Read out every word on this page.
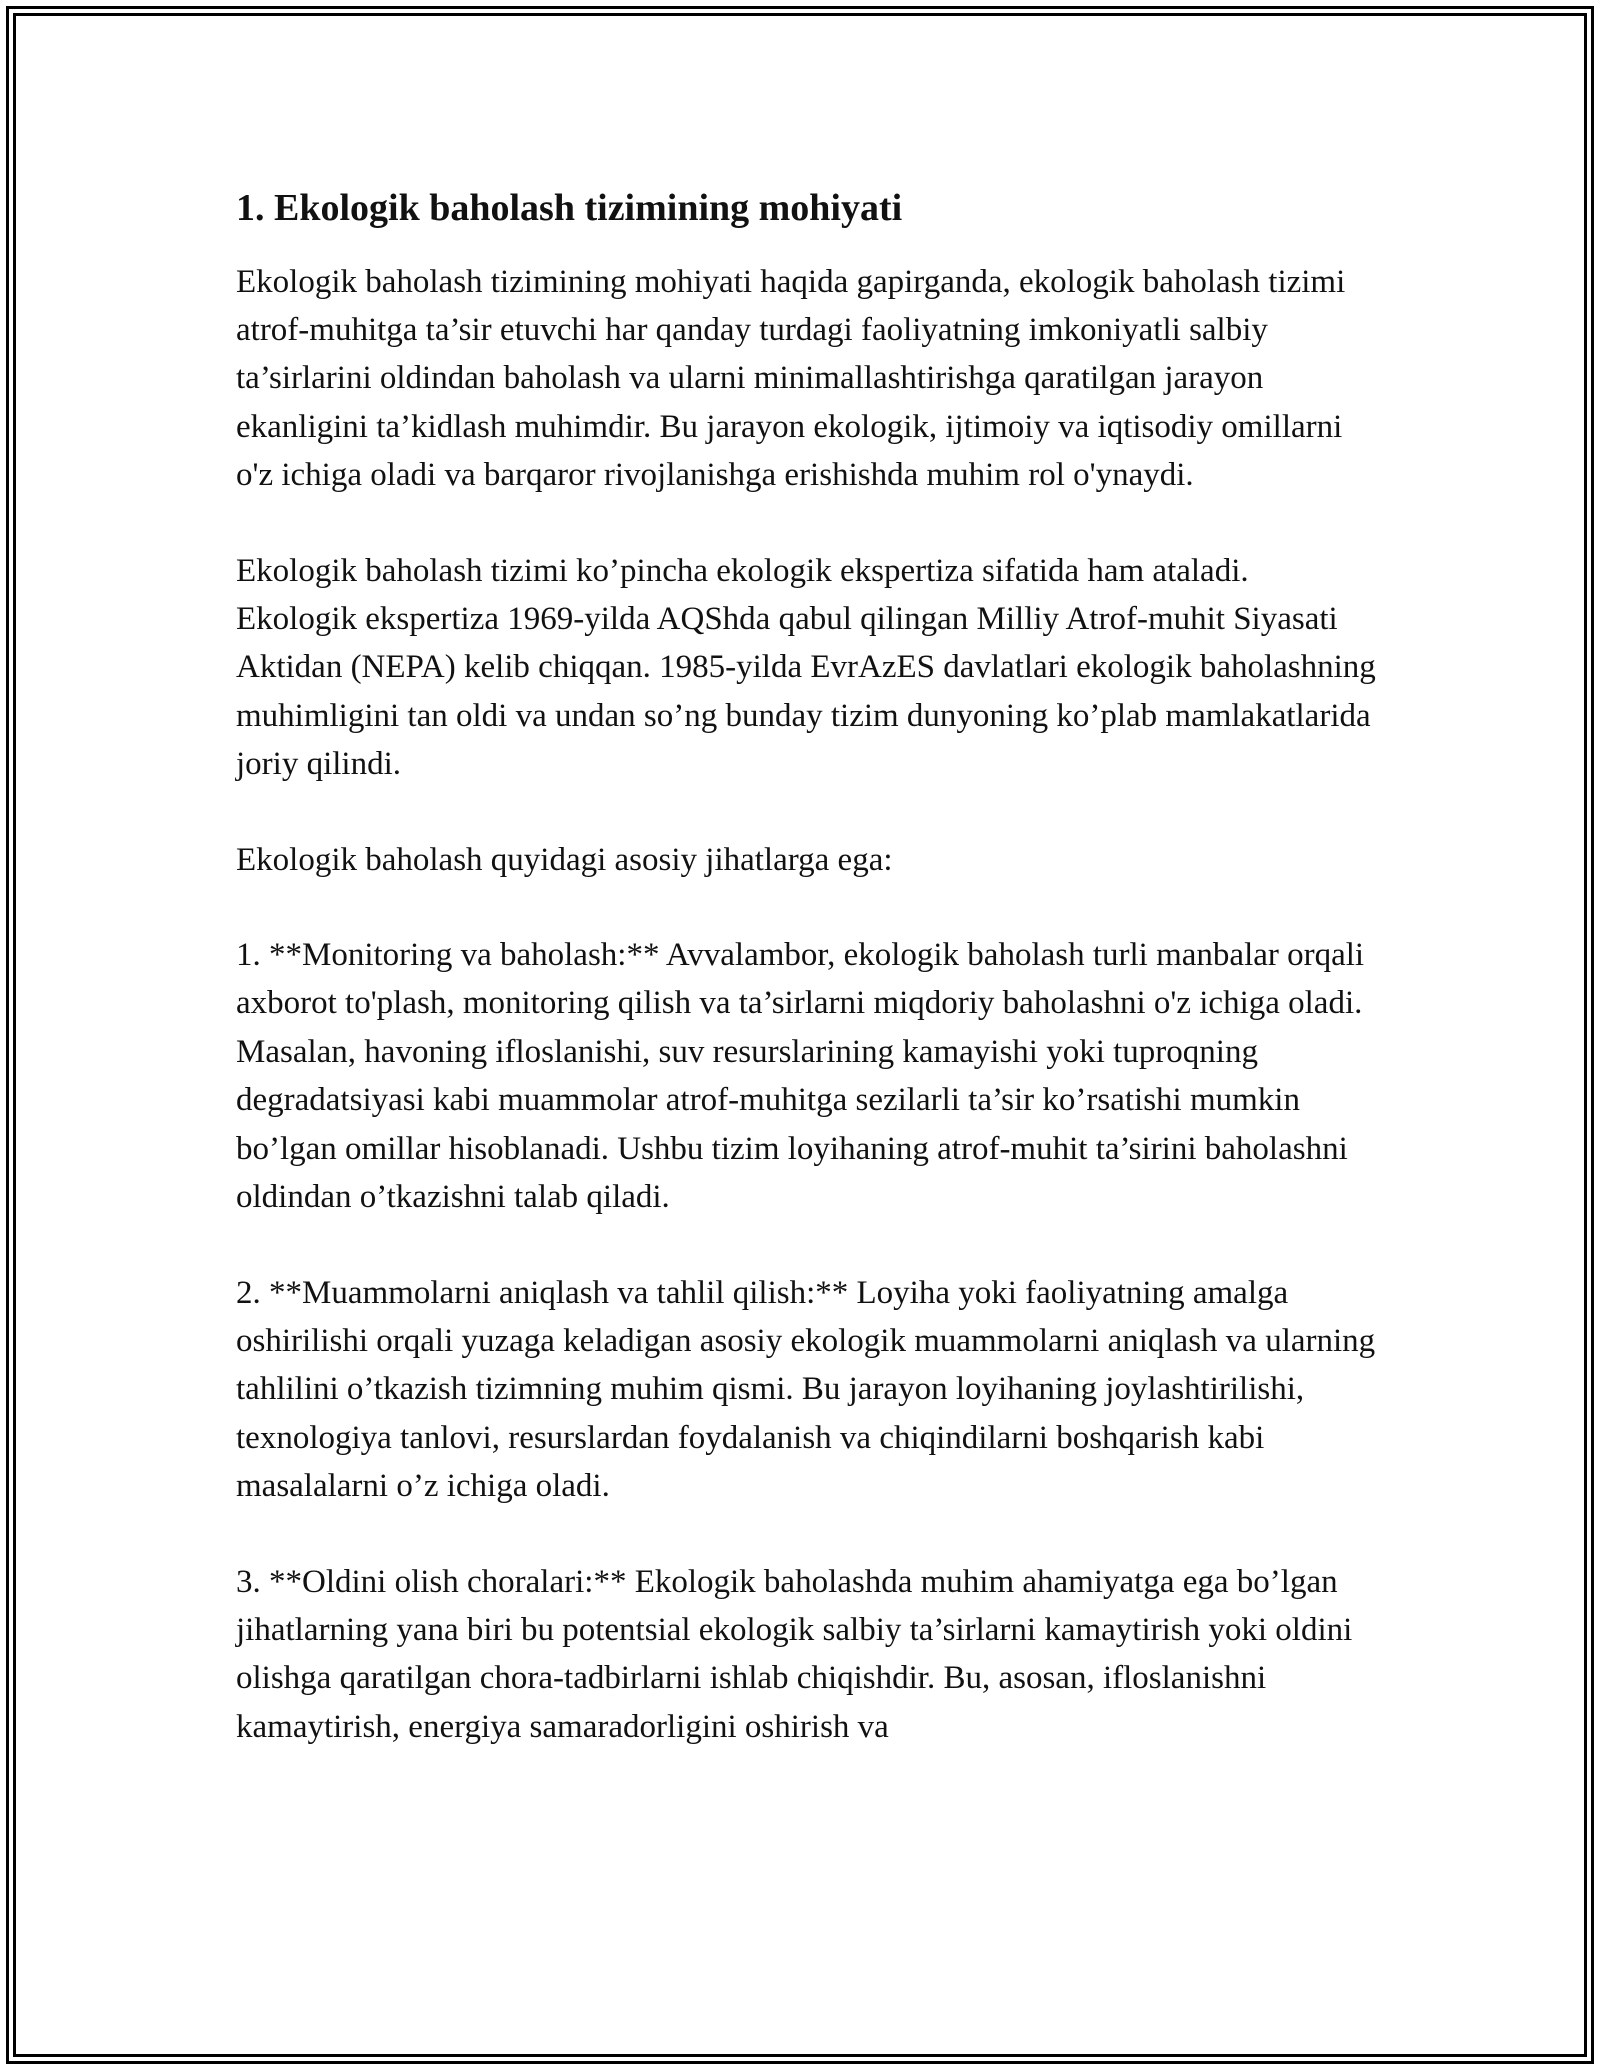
1. Ekologik baholash tizimining mohiyati

Ekologik baholash tizimining mohiyati haqida gapirganda, ekologik baholash tizimi atrof-muhitga ta’sir etuvchi har qanday turdagi faoliyatning imkoniyatli salbiy ta’sirlarini oldindan baholash va ularni minimallashtirishga qaratilgan jarayon ekanligini ta’kidlash muhimdir. Bu jarayon ekologik, ijtimoiy va iqtisodiy omillarni o'z ichiga oladi va barqaror rivojlanishga erishishda muhim rol o'ynaydi.

Ekologik baholash tizimi ko’pincha ekologik ekspertiza sifatida ham ataladi. Ekologik ekspertiza 1969-yilda AQShda qabul qilingan Milliy Atrof-muhit Siyasati Aktidan (NEPA) kelib chiqqan. 1985-yilda EvrAzES davlatlari ekologik baholashning muhimligini tan oldi va undan so’ng bunday tizim dunyoning ko’plab mamlakatlarida joriy qilindi.

Ekologik baholash quyidagi asosiy jihatlarga ega:

1. **Monitoring va baholash:** Avvalambor, ekologik baholash turli manbalar orqali axborot to'plash, monitoring qilish va ta’sirlarni miqdoriy baholashni o'z ichiga oladi. Masalan, havoning ifloslanishi, suv resurslarining kamayishi yoki tuproqning degradatsiyasi kabi muammolar atrof-muhitga sezilarli ta’sir ko’rsatishi mumkin bo’lgan omillar hisoblanadi. Ushbu tizim loyihaning atrof-muhit ta’sirini baholashni oldindan o’tkazishni talab qiladi.

2. **Muammolarni aniqlash va tahlil qilish:** Loyiha yoki faoliyatning amalga oshirilishi orqali yuzaga keladigan asosiy ekologik muammolarni aniqlash va ularning tahlilini o’tkazish tizimning muhim qismi. Bu jarayon loyihaning joylashtirilishi, texnologiya tanlovi, resurslardan foydalanish va chiqindilarni boshqarish kabi masalalarni o’z ichiga oladi.

3. **Oldini olish choralari:** Ekologik baholashda muhim ahamiyatga ega bo’lgan jihatlarning yana biri bu potentsial ekologik salbiy ta’sirlarni kamaytirish yoki oldini olishga qaratilgan chora-tadbirlarni ishlab chiqishdir. Bu, asosan, ifloslanishni kamaytirish, energiya samaradorligini oshirish va
